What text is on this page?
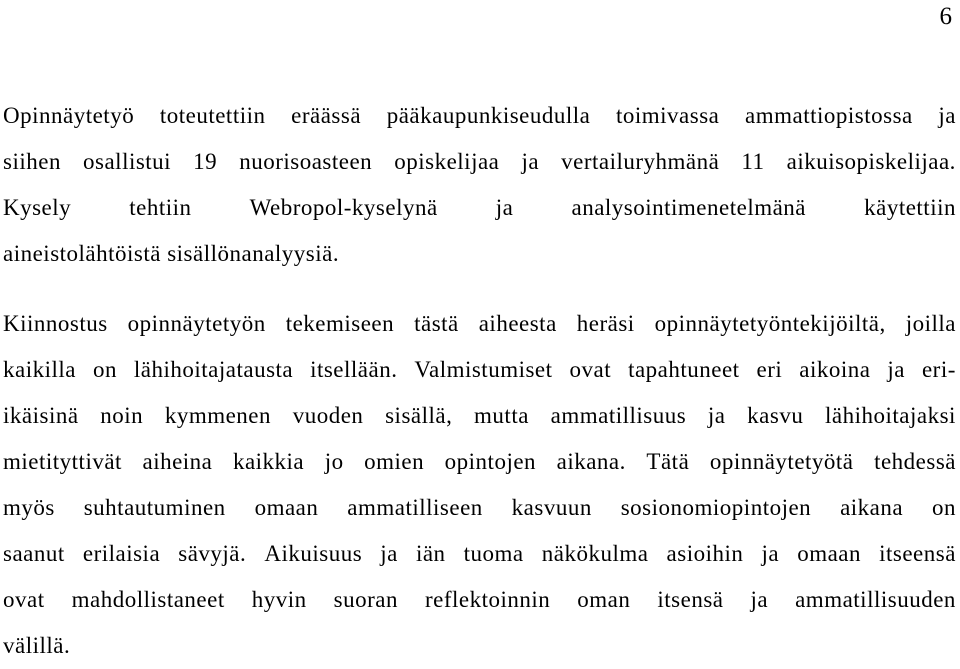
6
Opinnäytetyö toteutettiin eräässä pääkaupunkiseudulla toimivassa ammattiopistossa ja
siihen osallistui 19 nuorisoasteen opiskelijaa ja vertailuryhmänä 11 aikuisopiskelijaa.
Kysely	tehtiin	Webropol-kyselynä	ja	analysointimenetelmänä	käytettiin
aineistolähtöistä sisällönanalyysiä.
Kiinnostus opinnäytetyön tekemiseen tästä aiheesta heräsi opinnäytetyöntekijöiltä, joilla
kaikilla on lähihoitajatausta itsellään. Valmistumiset ovat tapahtuneet eri aikoina ja eri-
ikäisinä noin kymmenen vuoden sisällä, mutta ammatillisuus ja kasvu lähihoitajaksi
mietityttivät aiheina kaikkia jo omien opintojen aikana. Tätä opinnäytetyötä tehdessä
myös suhtautuminen omaan ammatilliseen kasvuun sosionomiopintojen aikana on
saanut erilaisia sävyjä. Aikuisuus ja iän tuoma näkökulma asioihin ja omaan itseensä
ovat mahdollistaneet hyvin suoran reflektoinnin oman itsensä ja ammatillisuuden
välillä.
